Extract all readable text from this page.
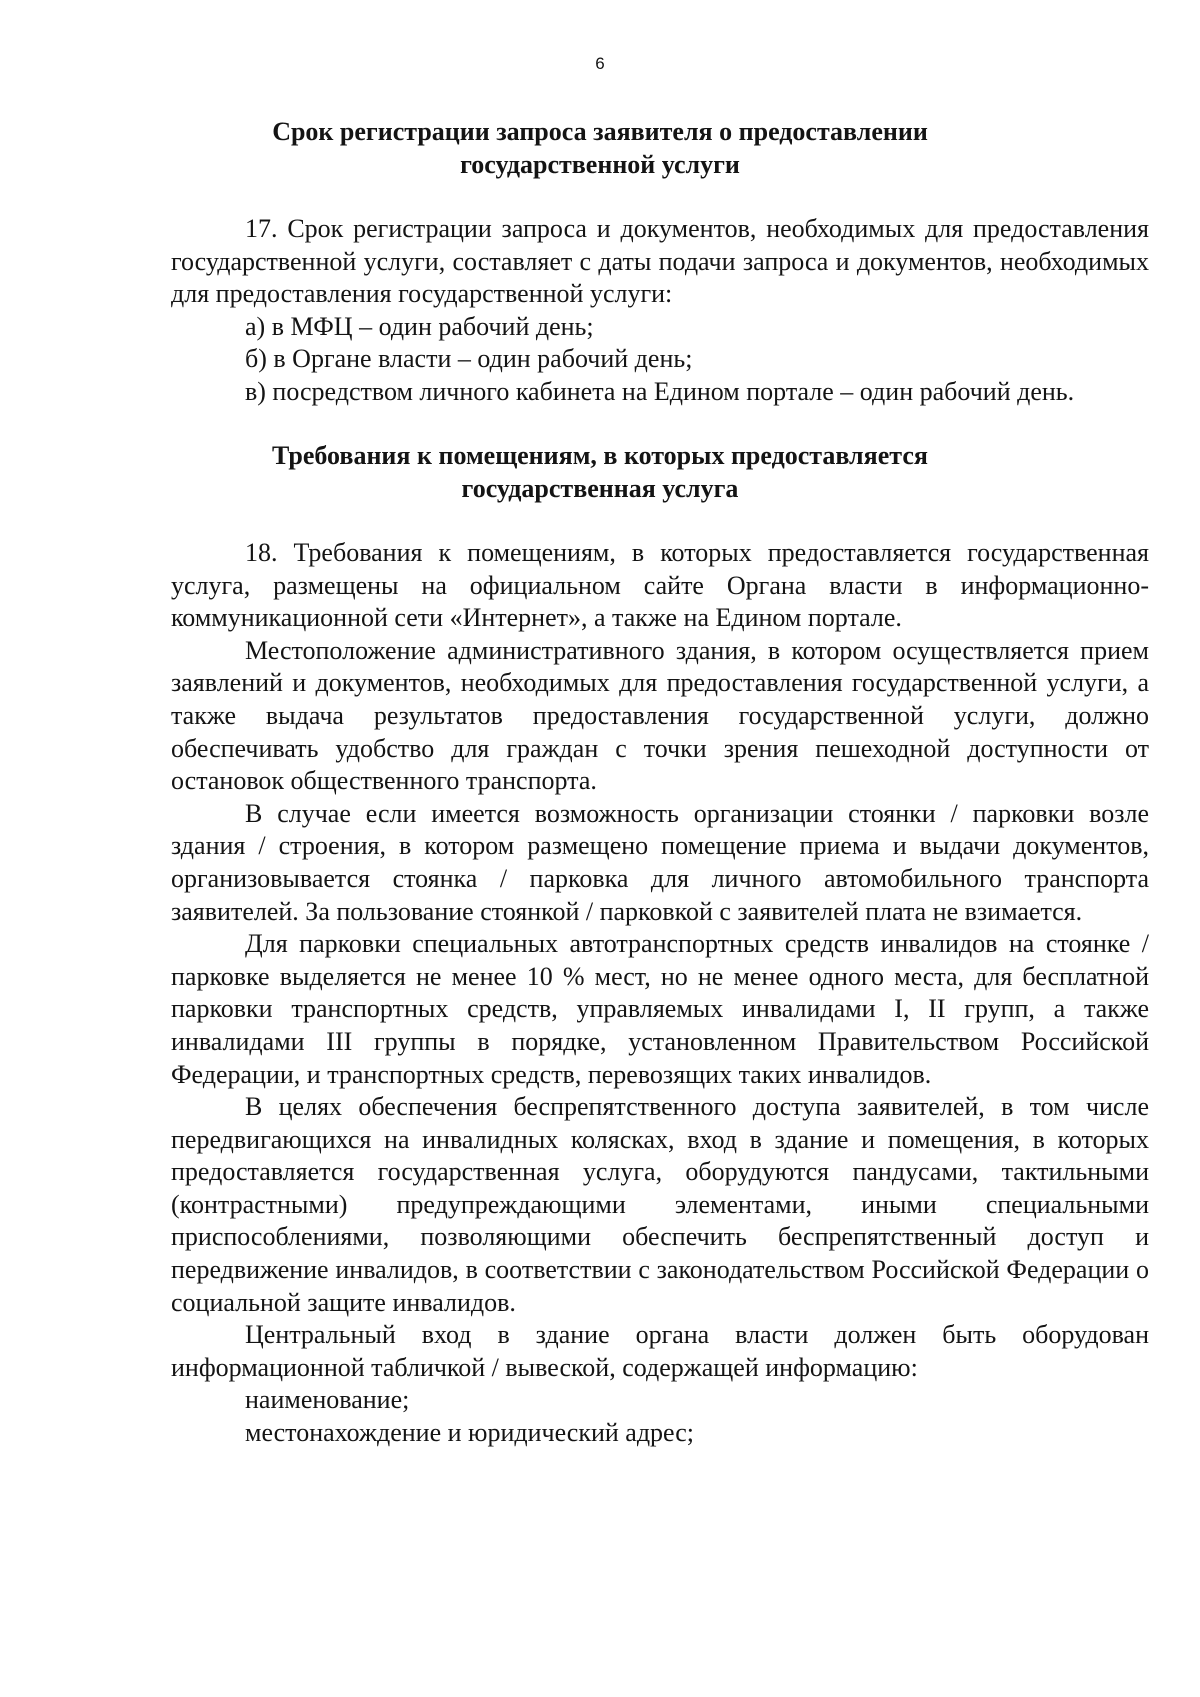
6
Срок регистрации запроса заявителя о предоставлении
государственной услуги

17. Срок регистрации запроса и документов, необходимых для предоставления государственной услуги, составляет с даты подачи запроса и документов, необходимых для предоставления государственной услуги:

а) в МФЦ – один рабочий день;

б) в Органе власти – один рабочий день;

в) посредством личного кабинета на Едином портале – один рабочий день.

Требования к помещениям, в которых предоставляется
государственная услуга

18. Требования к помещениям, в которых предоставляется государственная услуга, размещены на официальном сайте Органа власти в информационно-коммуникационной сети «Интернет», а также на Едином портале.

Местоположение административного здания, в котором осуществляется прием заявлений и документов, необходимых для предоставления государственной услуги, а также выдача результатов предоставления государственной услуги, должно обеспечивать удобство для граждан с точки зрения пешеходной доступности от остановок общественного транспорта.

В случае если имеется возможность организации стоянки / парковки возле здания / строения, в котором размещено помещение приема и выдачи документов, организовывается стоянка / парковка для личного автомобильного транспорта заявителей. За пользование стоянкой / парковкой с заявителей плата не взимается.

Для парковки специальных автотранспортных средств инвалидов на стоянке / парковке выделяется не менее 10 % мест, но не менее одного места, для бесплатной парковки транспортных средств, управляемых инвалидами I, II групп, а также инвалидами III группы в порядке, установленном Правительством Российской Федерации, и транспортных средств, перевозящих таких инвалидов.

В целях обеспечения беспрепятственного доступа заявителей, в том числе передвигающихся на инвалидных колясках, вход в здание и помещения, в которых предоставляется государственная услуга, оборудуются пандусами, тактильными (контрастными) предупреждающими элементами, иными специальными приспособлениями, позволяющими обеспечить беспрепятственный доступ и передвижение инвалидов, в соответствии с законодательством Российской Федерации о социальной защите инвалидов.

Центральный вход в здание органа власти должен быть оборудован информационной табличкой / вывеской, содержащей информацию:

наименование;

местонахождение и юридический адрес;
